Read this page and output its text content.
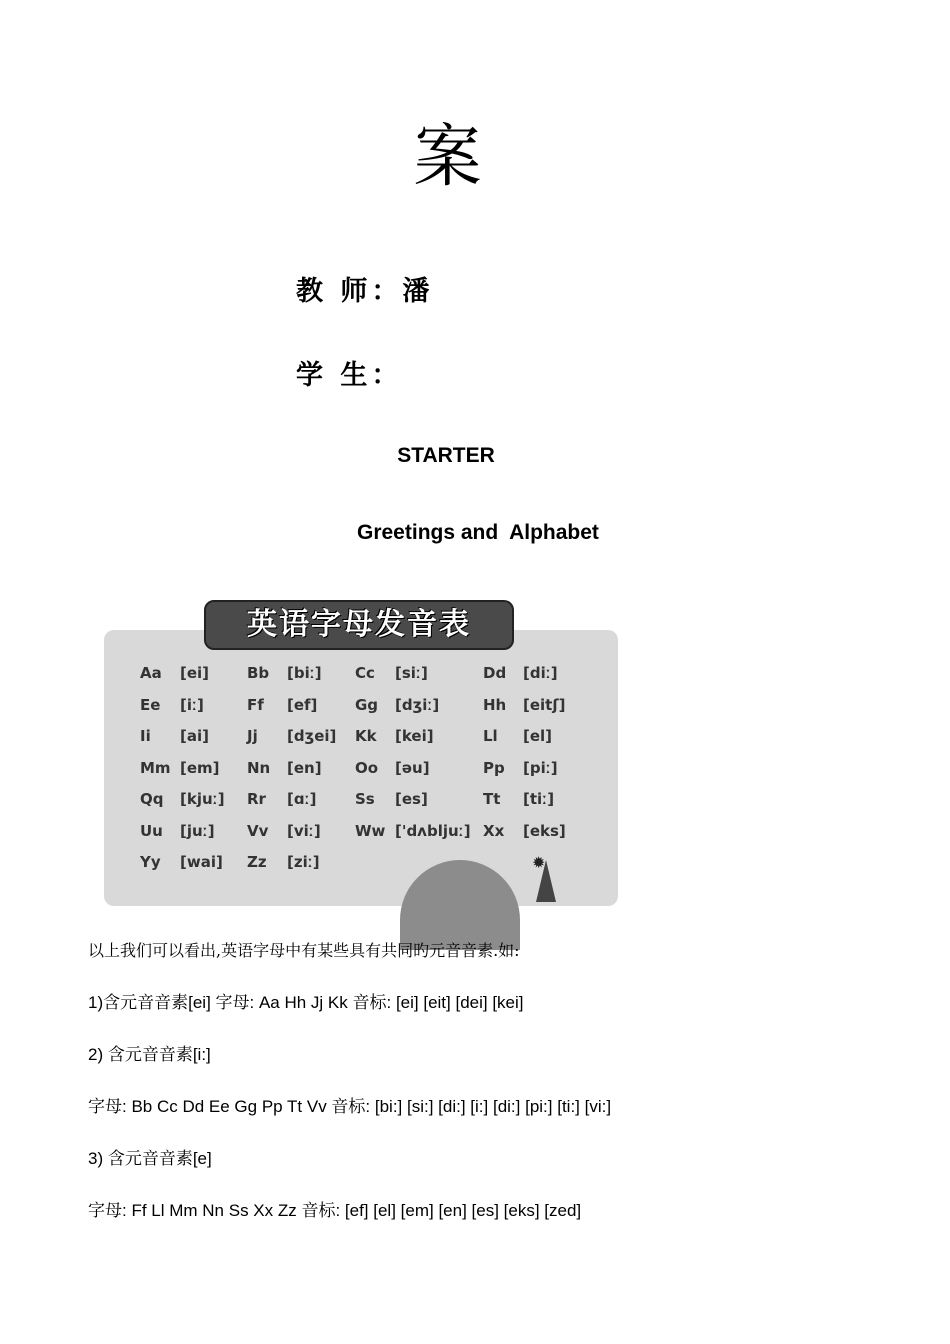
案
教 师：潘
学 生：
STARTER
Greetings and  Alphabet
英语字母发音表
Aa [ei]
Ee [iː]
Ii [ai]
Mm [em]
Qq [kjuː]
Uu [juː]
Yy [wai]
Bb [biː]
Ff [ef]
Jj [dʒei]
Nn [en]
Rr [ɑː]
Vv [viː]
Zz [ziː]
Cc [siː]
Gg [dʒiː]
Kk [kei]
Oo [əu]
Ss [es]
Ww ['dʌbljuː]
Dd [diː]
Hh [eitʃ]
Ll [el]
Pp [piː]
Tt [tiː]
Xx [eks]
✹
以上我们可以看出,英语字母中有某些具有共同旳元音音素.如:
1)含元音音素[ei] 字母: Aa Hh Jj Kk 音标: [ei] [eit] [dei] [kei]
2) 含元音音素[i:]
字母: Bb Cc Dd Ee Gg Pp Tt Vv 音标: [bi:] [si:] [di:] [i:] [di:] [pi:] [ti:] [vi:]
3) 含元音音素[e]
字母: Ff Ll Mm Nn Ss Xx Zz 音标: [ef] [el] [em] [en] [es] [eks] [zed]
